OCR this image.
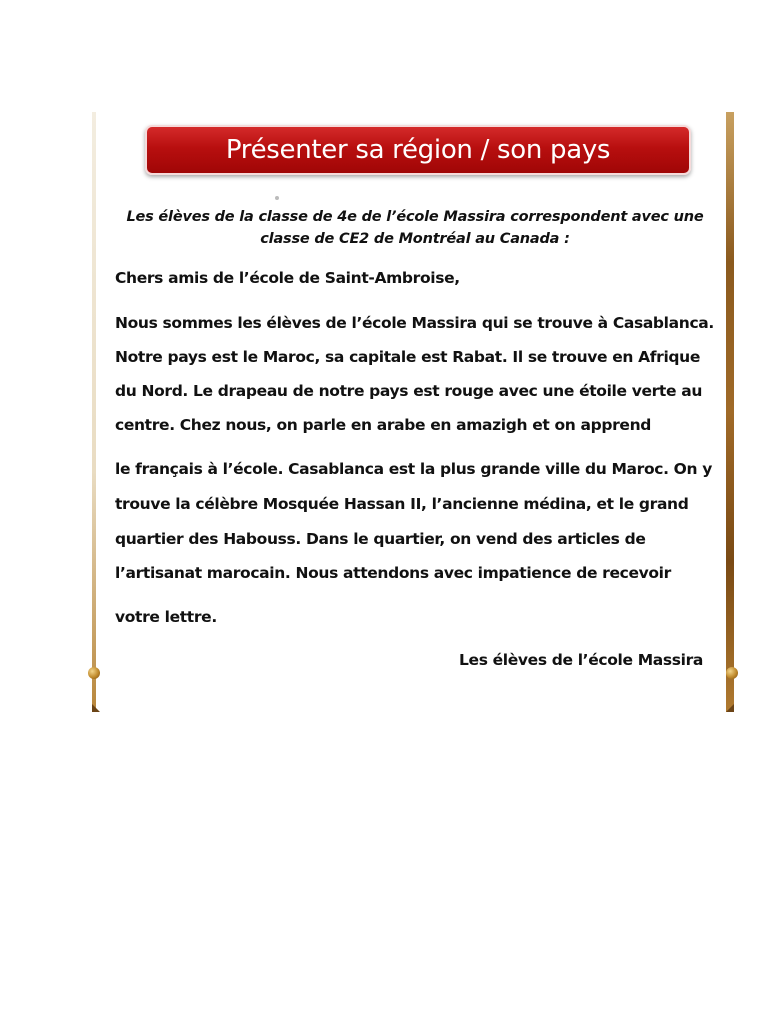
Présenter sa région / son pays
Les élèves de la classe de 4e de l’école Massira correspondent avec une
classe de CE2 de Montréal au Canada :
Chers amis de l’école de Saint-Ambroise,
Nous sommes les élèves de l’école Massira qui se trouve à Casablanca.
Notre pays est le Maroc, sa capitale est Rabat. Il se trouve en Afrique
du Nord. Le drapeau de notre pays est rouge avec une étoile verte au
centre. Chez nous, on parle en arabe en amazigh et on apprend
le français à l’école. Casablanca est la plus grande ville du Maroc. On y
trouve la célèbre Mosquée Hassan II, l’ancienne médina, et le grand
quartier des Habouss. Dans le quartier, on vend des articles de
l’artisanat marocain. Nous attendons avec impatience de recevoir
votre lettre.
Les élèves de l’école Massira
